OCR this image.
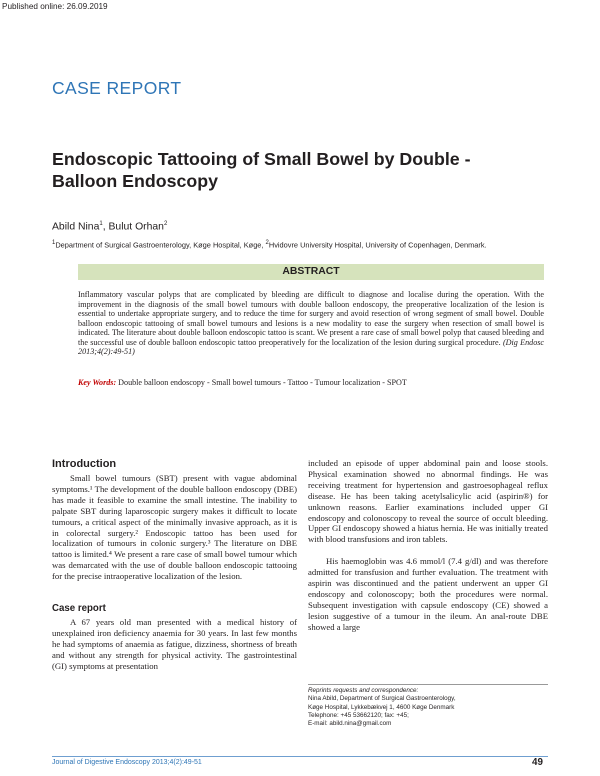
Published online: 26.09.2019
CASE REPORT
Endoscopic Tattooing of Small Bowel by Double - Balloon Endoscopy
Abild Nina$^1$, Bulut Orhan$^2$
$^1$Department of Surgical Gastroenterology, Køge Hospital, Køge, $^2$Hvidovre University Hospital, University of Copenhagen, Denmark.
ABSTRACT
Inflammatory vascular polyps that are complicated by bleeding are difficult to diagnose and localise during the operation. With the improvement in the diagnosis of the small bowel tumours with double balloon endoscopy, the preoperative localization of the lesion is essential to undertake appropriate surgery, and to reduce the time for surgery and avoid resection of wrong segment of small bowel. Double balloon endoscopic tattooing of small bowel tumours and lesions is a new modality to ease the surgery when resection of small bowel is indicated. The literature about double balloon endoscopic tattoo is scant. We present a rare case of small bowel polyp that caused bleeding and the successful use of double balloon endoscopic tattoo preoperatively for the localization of the lesion during surgical procedure. (Dig Endosc 2013;4(2):49-51)
Key Words: Double balloon endoscopy - Small bowel tumours - Tattoo - Tumour localization - SPOT
Introduction

Small bowel tumours (SBT) present with vague abdominal symptoms.¹ The development of the double balloon endoscopy (DBE) has made it feasible to examine the small intestine. The inability to palpate SBT during laparoscopic surgery makes it difficult to locate tumours, a critical aspect of the minimally invasive approach, as it is in colorectal surgery.² Endoscopic tattoo has been used for localization of tumours in colonic surgery.³ The literature on DBE tattoo is limited.⁴ We present a rare case of small bowel tumour which was demarcated with the use of double balloon endoscopic tattooing for the precise intraoperative localization of the lesion.

Case report

A 67 years old man presented with a medical history of unexplained iron deficiency anaemia for 30 years. In last few months he had symptoms of anaemia as fatigue, dizziness, shortness of breath and without any strength for physical activity. The gastrointestinal (GI) symptoms at presentation

included an episode of upper abdominal pain and loose stools. Physical examination showed no abnormal findings. He was receiving treatment for hypertension and gastroesophageal reflux disease. He has been taking acetylsalicylic acid (aspirin®) for unknown reasons. Earlier examinations included upper GI endoscopy and colonoscopy to reveal the source of occult bleeding. Upper GI endoscopy showed a hiatus hernia. He was initially treated with blood transfusions and iron tablets.

His haemoglobin was 4.6 mmol/l (7.4 g/dl) and was therefore admitted for transfusion and further evaluation. The treatment with aspirin was discontinued and the patient underwent an upper GI endoscopy and colonoscopy; both the procedures were normal. Subsequent investigation with capsule endoscopy (CE) showed a lesion suggestive of a tumour in the ileum. An anal-route DBE showed a large

Reprints requests and correspondence:
Nina Abild, Department of Surgical Gastroenterology,
Køge Hospital, Lykkebækvej 1, 4600 Køge Denmark
Telephone: +45 53662120; fax: +45;
E-mail: abild.nina@gmail.com
Journal of Digestive Endoscopy 2013;4(2):49-51	49
